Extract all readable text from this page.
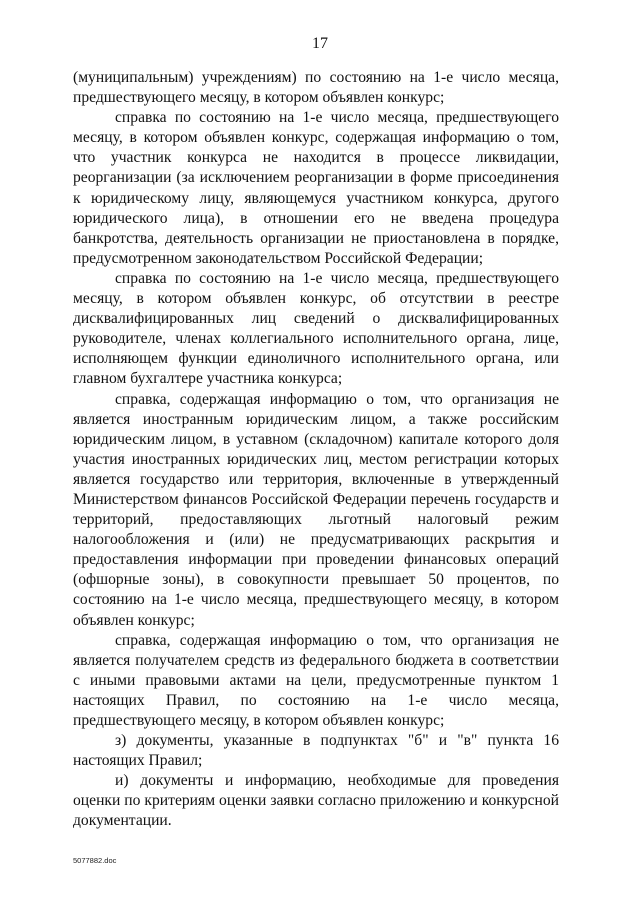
17

(муниципальным) учреждениям) по состоянию на 1-е число месяца, предшествующего месяцу, в котором объявлен конкурс;

справка по состоянию на 1-е число месяца, предшествующего месяцу, в котором объявлен конкурс, содержащая информацию о том, что участник конкурса не находится в процессе ликвидации, реорганизации (за исключением реорганизации в форме присоединения к юридическому лицу, являющемуся участником конкурса, другого юридического лица), в отношении его не введена процедура банкротства, деятельность организации не приостановлена в порядке, предусмотренном законодательством Российской Федерации;

справка по состоянию на 1-е число месяца, предшествующего месяцу, в котором объявлен конкурс, об отсутствии в реестре дисквалифицированных лиц сведений о дисквалифицированных руководителе, членах коллегиального исполнительного органа, лице, исполняющем функции единоличного исполнительного органа, или главном бухгалтере участника конкурса;

справка, содержащая информацию о том, что организация не является иностранным юридическим лицом, а также российским юридическим лицом, в уставном (складочном) капитале которого доля участия иностранных юридических лиц, местом регистрации которых является государство или территория, включенные в утвержденный Министерством финансов Российской Федерации перечень государств и территорий, предоставляющих льготный налоговый режим налогообложения и (или) не предусматривающих раскрытия и предоставления информации при проведении финансовых операций (офшорные зоны), в совокупности превышает 50 процентов, по состоянию на 1-е число месяца, предшествующего месяцу, в котором объявлен конкурс;

справка, содержащая информацию о том, что организация не является получателем средств из федерального бюджета в соответствии с иными правовыми актами на цели, предусмотренные пунктом 1 настоящих Правил, по состоянию на 1-е число месяца, предшествующего месяцу, в котором объявлен конкурс;

з) документы, указанные в подпунктах "б" и "в" пункта 16 настоящих Правил;

и) документы и информацию, необходимые для проведения оценки по критериям оценки заявки согласно приложению и конкурсной документации.

5077882.doc
